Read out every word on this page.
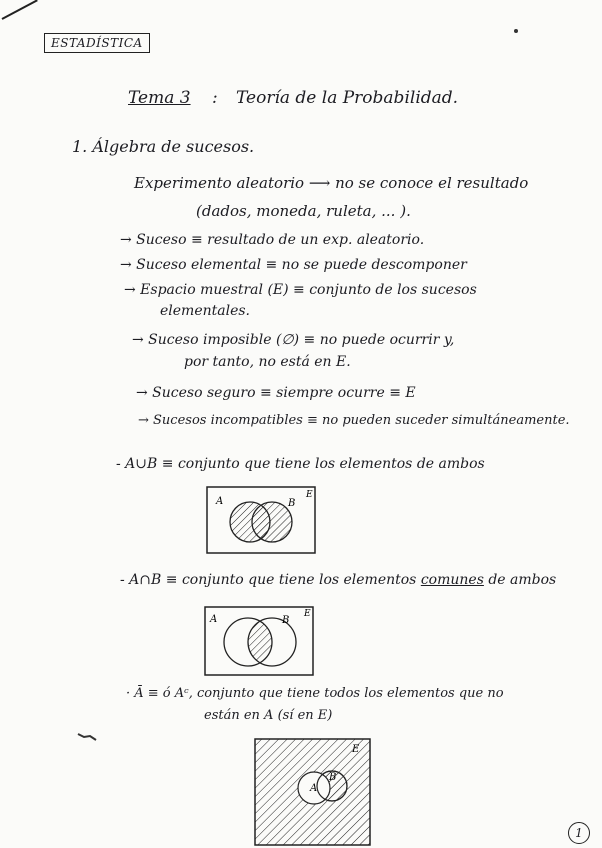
ESTADÍSTICA
Tema 3 : Teoría de la Probabilidad.
1. Álgebra de sucesos.
Experimento aleatorio ⟶ no se conoce el resultado
(dados, moneda, ruleta, ... ).
→ Suceso ≡ resultado de un exp. aleatorio.
→ Suceso elemental ≡ no se puede descomponer
→ Espacio muestral (E) ≡ conjunto de los sucesos
elementales.
→ Suceso imposible (∅) ≡ no puede ocurrir y,
por tanto, no está en E.
→ Suceso seguro ≡ siempre ocurre ≡ E
→ Sucesos incompatibles ≡ no pueden suceder simultáneamente.
- A∪B ≡ conjunto que tiene los elementos de ambos
A	B
E
- A∩B ≡ conjunto que tiene los elementos comunes de ambos
A	B
E
· Ā ≡ ó Aᶜ, conjunto que tiene todos los elementos que no
están en A (sí en E)
A
B
E
1
